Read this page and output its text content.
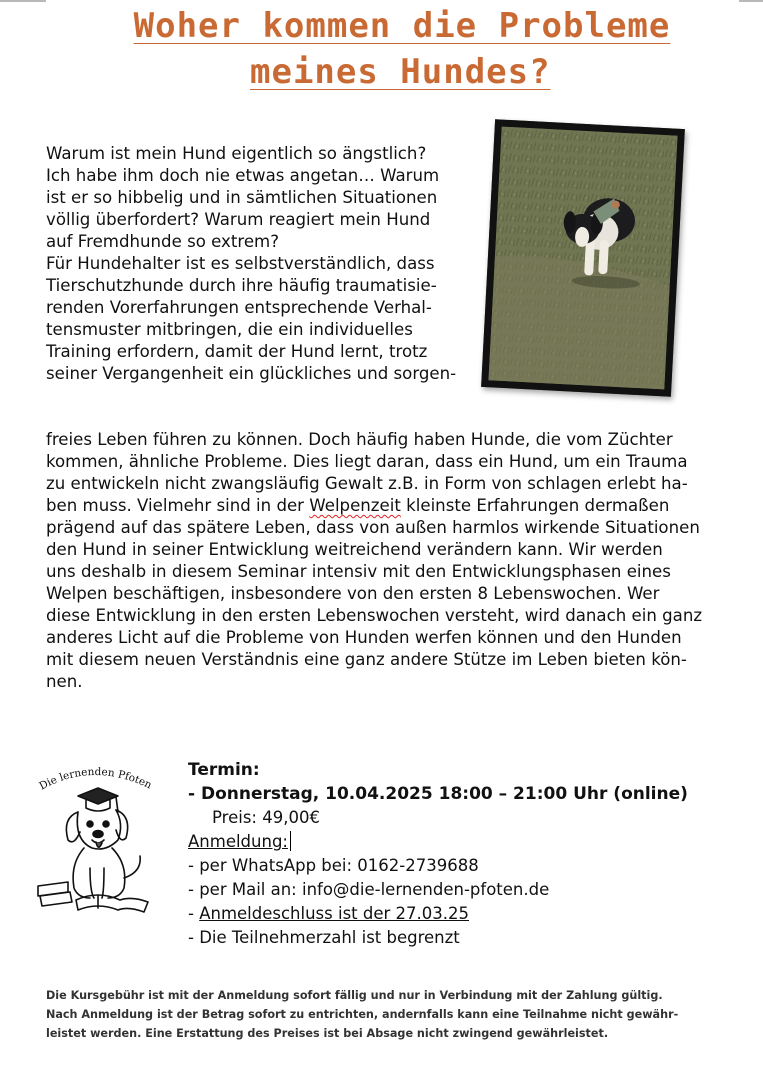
Woher kommen die Probleme
meines Hundes?

Warum ist mein Hund eigentlich so ängstlich?
Ich habe ihm doch nie etwas angetan… Warum
ist er so hibbelig und in sämtlichen Situationen
völlig überfordert? Warum reagiert mein Hund
auf Fremdhunde so extrem?
Für Hundehalter ist es selbstverständlich, dass
Tierschutzhunde durch ihre häufig traumatisie-
renden Vorerfahrungen entsprechende Verhal-
tensmuster mitbringen, die ein individuelles
Training erfordern, damit der Hund lernt, trotz
seiner Vergangenheit ein glückliches und sorgen-

freies Leben führen zu können. Doch häufig haben Hunde, die vom Züchter
kommen, ähnliche Probleme. Dies liegt daran, dass ein Hund, um ein Trauma
zu entwickeln nicht zwangsläufig Gewalt z.B. in Form von schlagen erlebt ha-
ben muss. Vielmehr sind in der Welpenzeit kleinste Erfahrungen dermaßen
prägend auf das spätere Leben, dass von außen harmlos wirkende Situationen
den Hund in seiner Entwicklung weitreichend verändern kann. Wir werden
uns deshalb in diesem Seminar intensiv mit den Entwicklungsphasen eines
Welpen beschäftigen, insbesondere von den ersten 8 Lebenswochen. Wer
diese Entwicklung in den ersten Lebenswochen versteht, wird danach ein ganz
anderes Licht auf die Probleme von Hunden werfen können und den Hunden
mit diesem neuen Verständnis eine ganz andere Stütze im Leben bieten kön-
nen.

Die lernenden Pfoten
Termin:
- Donnerstag, 10.04.2025 18:00 – 21:00 Uhr (online)
Preis: 49,00€
Anmeldung:
- per WhatsApp bei: 0162-2739688
- per Mail an: info@die-lernenden-pfoten.de
- Anmeldeschluss ist der 27.03.25
- Die Teilnehmerzahl ist begrenzt
Die Kursgebühr ist mit der Anmeldung sofort fällig und nur in Verbindung mit der Zahlung gültig.
Nach Anmeldung ist der Betrag sofort zu entrichten, andernfalls kann eine Teilnahme nicht gewähr-
leistet werden. Eine Erstattung des Preises ist bei Absage nicht zwingend gewährleistet.
